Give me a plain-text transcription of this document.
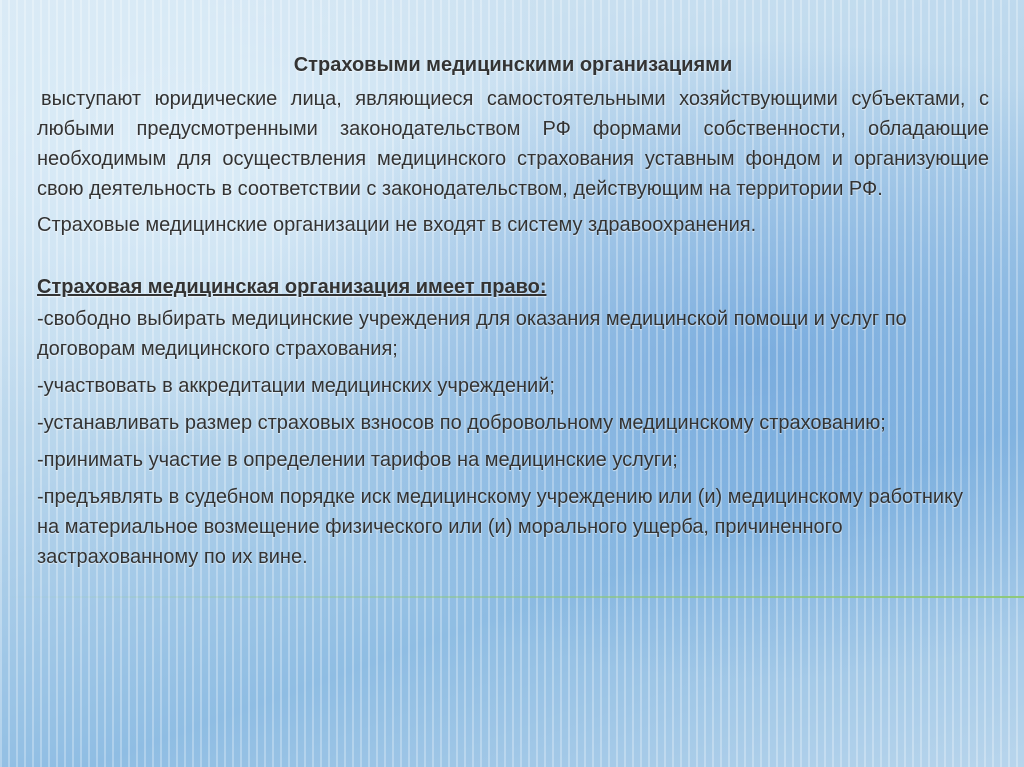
Страховыми медицинскими организациями

выступают юридические лица, являющиеся самостоятельными хозяйствующими субъектами, с любыми предусмотренными законодательством РФ формами собственности, обладающие необходимым для осуществления медицинского страхования уставным фондом и организующие свою деятельность в соответствии с законодательством, действующим на территории РФ.

Страховые медицинские организации не входят в систему здравоохранения.

Страховая медицинская организация имеет право:

-свободно выбирать медицинские учреждения для оказания медицинской помощи и услуг по договорам медицинского страхования;
-участвовать в аккредитации медицинских учреждений;
-устанавливать размер страховых взносов по добровольному медицинскому страхованию;
-принимать участие в определении тарифов на медицинские услуги;
-предъявлять в судебном порядке иск медицинскому учреждению или (и) медицинскому работнику на материальное возмещение физического или (и) морального ущерба, причиненного застрахованному по их вине.
